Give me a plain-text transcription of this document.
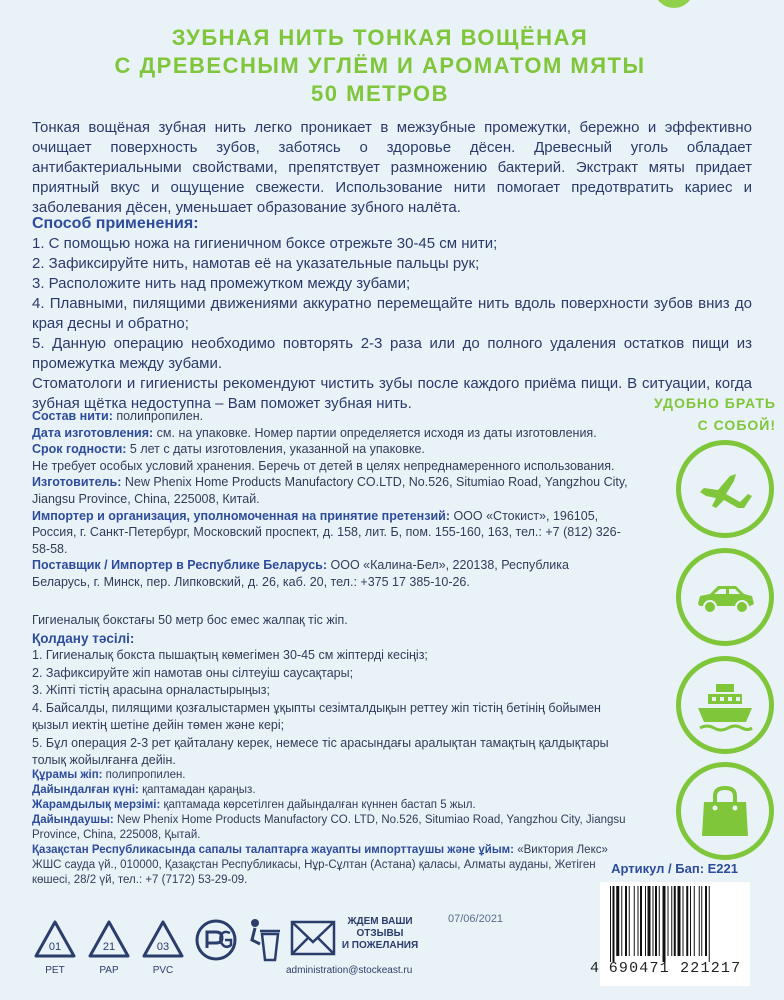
ЗУБНАЯ НИТЬ ТОНКАЯ ВОЩЁНАЯ
С ДРЕВЕСНЫМ УГЛЁМ И АРОМАТОМ МЯТЫ
50 МЕТРОВ
Тонкая вощёная зубная нить легко проникает в межзубные промежутки, бережно и эффективно очищает поверхность зубов, заботясь о здоровье дёсен. Древесный уголь обладает антибактериальными свойствами, препятствует размножению бактерий. Экстракт мяты придает приятный вкус и ощущение свежести. Использование нити помогает предотвратить кариес и заболевания дёсен, уменьшает образование зубного налёта.
Способ применения:
1. С помощью ножа на гигиеничном боксе отрежьте 30-45 см нити;
2. Зафиксируйте нить, намотав её на указательные пальцы рук;
3. Расположите нить над промежутком между зубами;
4. Плавными, пилящими движениями аккуратно перемещайте нить вдоль поверхности зубов вниз до края десны и обратно;
5. Данную операцию необходимо повторять 2-3 раза или до полного удаления остатков пищи из промежутка между зубами.
Стоматологи и гигиенисты рекомендуют чистить зубы после каждого приёма пищи. В ситуации, когда зубная щётка недоступна – Вам поможет зубная нить.

Состав нити: полипропилен.

Дата изготовления: см. на упаковке. Номер партии определяется исходя из даты изготовления. Срок годности: 5 лет с даты изготовления, указанной на упаковке.

Не требует особых условий хранения. Беречь от детей в целях непреднамеренного использования.

Изготовитель: New Phenix Home Products Manufactory CO.LTD, No.526, Situmiao Road, Yangzhou City, Jiangsu Province, China, 225008, Китай.

Импортер и организация, уполномоченная на принятие претензий: ООО «Стокист», 196105, Россия, г. Санкт-Петербург, Московский проспект, д. 158, лит. Б, пом. 155-160, 163, тел.: +7 (812) 326-58-58.

Поставщик / Импортер в Республике Беларусь: ООО «Калина-Бел», 220138, Республика Беларусь, г. Минск, пер. Липковский, д. 26, каб. 20, тел.: +375 17 385-10-26.

Гигиеналық бокстағы 50 метр бос емес жалпақ тіс жіп.

Қолдану тәсілі:

1. Гигиеналық бокста пышақтың көмегімен 30-45 см жіптерді кесіңіз;

2. Зафиксируйте жіп намотав оны сілтеуіш саусақтары;

3. Жіпті тістің арасына орналастырыңыз;

4. Байсалды, пилящими қозғалыстармен ұқыпты сезімталдықын реттеу жіп тістің бетінің бойымен қызыл иектің шетіне дейін төмен және кері;

5. Бұл операция 2-3 рет қайталану керек, немесе тіс арасындағы аралықтан тамақтың қалдықтары толық жойылғанға дейін.

Құрамы жіп: полипропилен.

Дайындалған күні: қаптамадан қараңыз.

Жарамдылық мерзімі: қаптамада көрсетілген дайындалған күннен бастап 5 жыл.

Дайындаушы: New Phenix Home Products Manufactory CO. LTD, No.526, Situmiao Road, Yangzhou City, Jiangsu Province, China, 225008, Қытай.

Қазақстан Республикасында сапалы талаптарға жауапты импорттаушы және ұйым: «Виктория Лекс» ЖШС сауда үй., 010000, Қазақстан Республикасы, Нұр-Сұлтан (Астана) қаласы, Алматы ауданы, Жетіген көшесі, 28/2 үй, тел.: +7 (7172) 53-29-09.

УДОБНО БРАТЬ
С СОБОЙ!
Артикул / Бап: E221
07/06/2021
01
PET
21
PAP
03
PVC
ЖДЕМ ВАШИ
ОТЗЫВЫ
И ПОЖЕЛАНИЯ
administration@stockeast.ru	690471 221217
4
